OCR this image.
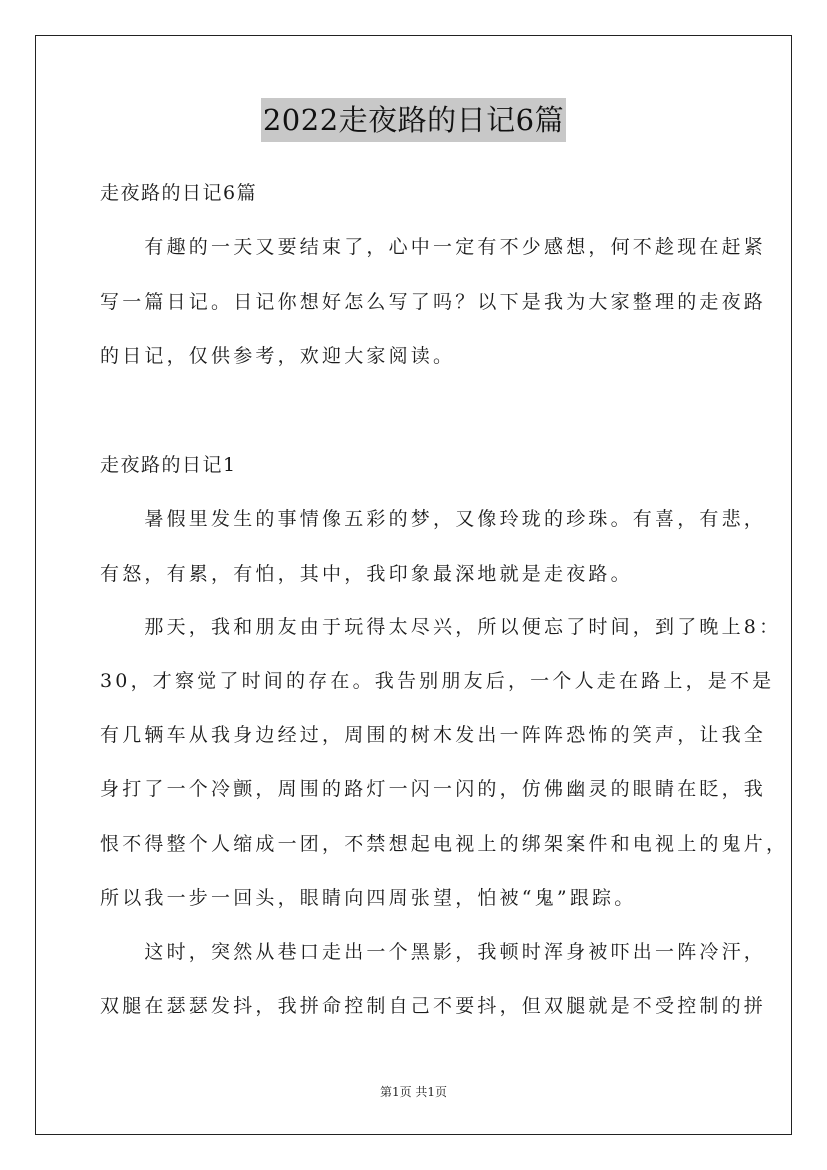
2022走夜路的日记6篇
走夜路的日记6篇
　　有趣的一天又要结束了，心中一定有不少感想，何不趁现在赶紧
写一篇日记。日记你想好怎么写了吗？以下是我为大家整理的走夜路
的日记，仅供参考，欢迎大家阅读。
走夜路的日记1
　　暑假里发生的事情像五彩的梦，又像玲珑的珍珠。有喜，有悲，
有怒，有累，有怕，其中，我印象最深地就是走夜路。
　　那天，我和朋友由于玩得太尽兴，所以便忘了时间，到了晚上8：
30，才察觉了时间的存在。我告别朋友后，一个人走在路上，是不是
有几辆车从我身边经过，周围的树木发出一阵阵恐怖的笑声，让我全
身打了一个冷颤，周围的路灯一闪一闪的，仿佛幽灵的眼睛在眨，我
恨不得整个人缩成一团，不禁想起电视上的绑架案件和电视上的鬼片，
所以我一步一回头，眼睛向四周张望，怕被“鬼”跟踪。
　　这时，突然从巷口走出一个黑影，我顿时浑身被吓出一阵冷汗，
双腿在瑟瑟发抖，我拼命控制自己不要抖，但双腿就是不受控制的拼
第1页 共1页
